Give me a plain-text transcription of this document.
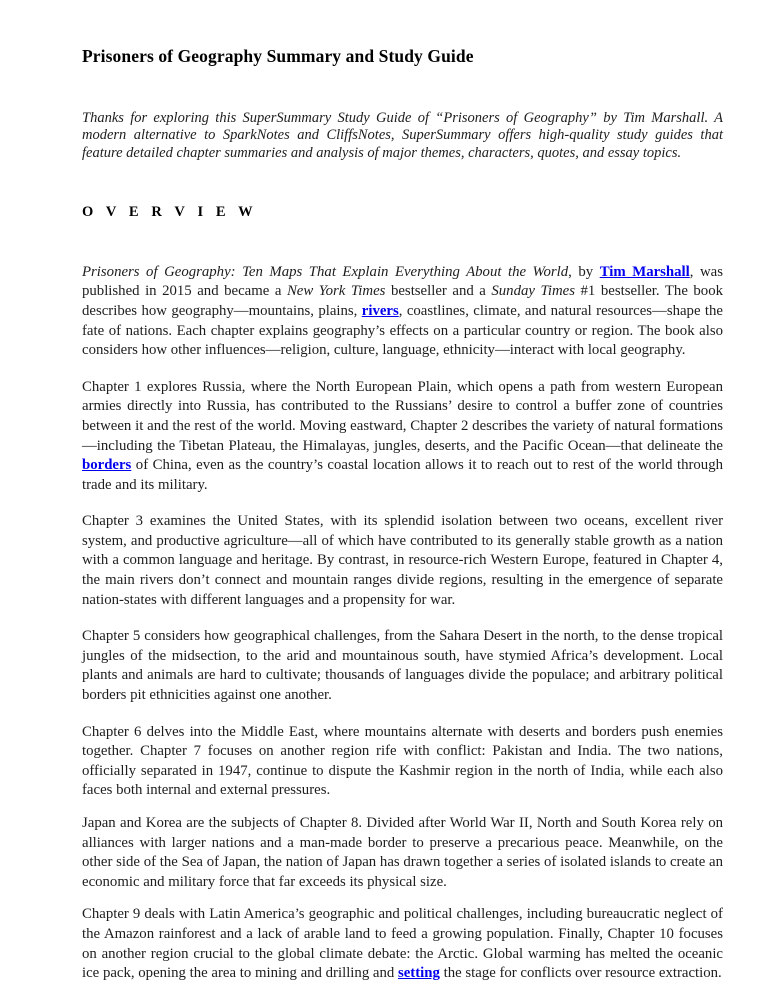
Prisoners of Geography Summary and Study Guide

Thanks for exploring this SuperSummary Study Guide of “Prisoners of Geography” by Tim Marshall. A modern alternative to SparkNotes and CliffsNotes, SuperSummary offers high-quality study guides that feature detailed chapter summaries and analysis of major themes, characters, quotes, and essay topics.

O V E R V I E W

Prisoners of Geography: Ten Maps That Explain Everything About the World, by Tim Marshall, was published in 2015 and became a New York Times bestseller and a Sunday Times #1 bestseller. The book describes how geography—mountains, plains, rivers, coastlines, climate, and natural resources—shape the fate of nations. Each chapter explains geography’s effects on a particular country or region. The book also considers how other influences—religion, culture, language, ethnicity—interact with local geography.

Chapter 1 explores Russia, where the North European Plain, which opens a path from western European armies directly into Russia, has contributed to the Russians’ desire to control a buffer zone of countries between it and the rest of the world. Moving eastward, Chapter 2 describes the variety of natural formations—including the Tibetan Plateau, the Himalayas, jungles, deserts, and the Pacific Ocean—that delineate the borders of China, even as the country’s coastal location allows it to reach out to rest of the world through trade and its military.

Chapter 3 examines the United States, with its splendid isolation between two oceans, excellent river system, and productive agriculture—all of which have contributed to its generally stable growth as a nation with a common language and heritage. By contrast, in resource-rich Western Europe, featured in Chapter 4, the main rivers don’t connect and mountain ranges divide regions, resulting in the emergence of separate nation-states with different languages and a propensity for war.

Chapter 5 considers how geographical challenges, from the Sahara Desert in the north, to the dense tropical jungles of the midsection, to the arid and mountainous south, have stymied Africa’s development. Local plants and animals are hard to cultivate; thousands of languages divide the populace; and arbitrary political borders pit ethnicities against one another.

Chapter 6 delves into the Middle East, where mountains alternate with deserts and borders push enemies together. Chapter 7 focuses on another region rife with conflict: Pakistan and India. The two nations, officially separated in 1947, continue to dispute the Kashmir region in the north of India, while each also faces both internal and external pressures.

Japan and Korea are the subjects of Chapter 8. Divided after World War II, North and South Korea rely on alliances with larger nations and a man-made border to preserve a precarious peace. Meanwhile, on the other side of the Sea of Japan, the nation of Japan has drawn together a series of isolated islands to create an economic and military force that far exceeds its physical size.

Chapter 9 deals with Latin America’s geographic and political challenges, including bureaucratic neglect of the Amazon rainforest and a lack of arable land to feed a growing population. Finally, Chapter 10 focuses on another region crucial to the global climate debate: the Arctic. Global warming has melted the oceanic ice pack, opening the area to mining and drilling and setting the stage for conflicts over resource extraction.
